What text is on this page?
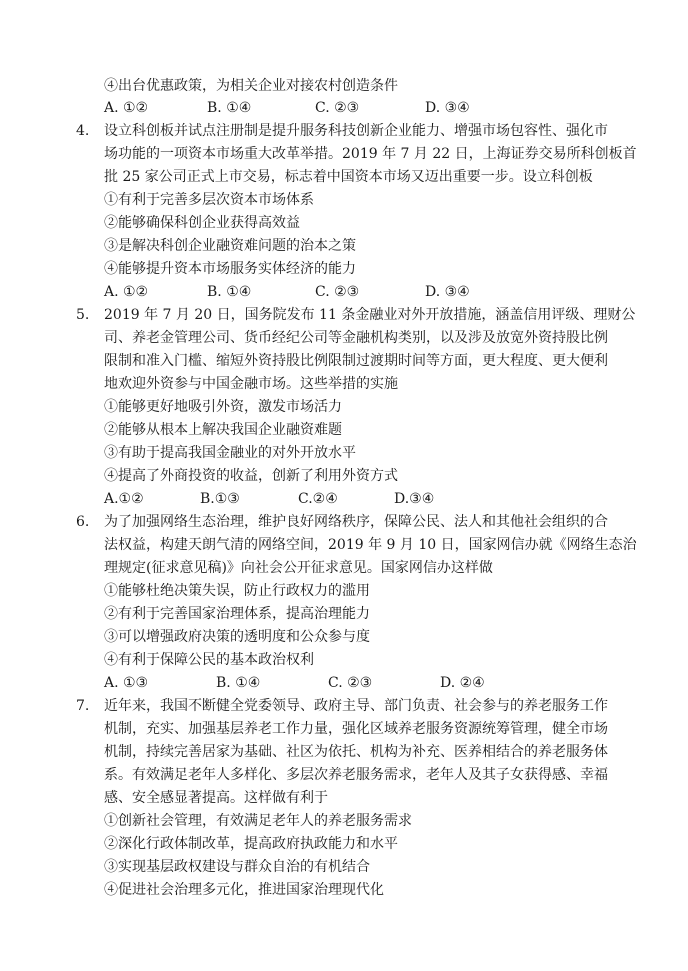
④出台优惠政策，为相关企业对接农村创造条件
A. ①②	B. ①④	C. ②③	D. ③④
4. 设立科创板并试点注册制是提升服务科技创新企业能力、增强市场包容性、强化市
场功能的一项资本市场重大改革举措。2019 年 7 月 22 日，上海证券交易所科创板首
批 25 家公司正式上市交易，标志着中国资本市场又迈出重要一步。设立科创板
①有利于完善多层次资本市场体系
②能够确保科创企业获得高效益
③是解决科创企业融资难问题的治本之策
④能够提升资本市场服务实体经济的能力
A. ①②	B. ①④	C. ②③	D. ③④
5. 2019 年 7 月 20 日，国务院发布 11 条金融业对外开放措施，涵盖信用评级、理财公
司、养老金管理公司、货币经纪公司等金融机构类别，以及涉及放宽外资持股比例
限制和准入门槛、缩短外资持股比例限制过渡期时间等方面，更大程度、更大便利
地欢迎外资参与中国金融市场。这些举措的实施
①能够更好地吸引外资，激发市场活力
②能够从根本上解决我国企业融资难题
③有助于提高我国金融业的对外开放水平
④提高了外商投资的收益，创新了利用外资方式
A.①②	B.①③	C.②④	D.③④
6. 为了加强网络生态治理，维护良好网络秩序，保障公民、法人和其他社会组织的合
法权益，构建天朗气清的网络空间，2019 年 9 月 10 日，国家网信办就《网络生态治
理规定(征求意见稿)》向社会公开征求意见。国家网信办这样做
①能够杜绝决策失误，防止行政权力的滥用
②有利于完善国家治理体系，提高治理能力
③可以增强政府决策的透明度和公众参与度
④有利于保障公民的基本政治权利
A. ①③	B. ①④	C. ②③	D. ②④
7. 近年来，我国不断健全党委领导、政府主导、部门负责、社会参与的养老服务工作
机制，充实、加强基层养老工作力量，强化区域养老服务资源统筹管理，健全市场
机制，持续完善居家为基础、社区为依托、机构为补充、医养相结合的养老服务体
系。有效满足老年人多样化、多层次养老服务需求，老年人及其子女获得感、幸福
感、安全感显著提高。这样做有利于
①创新社会管理，有效满足老年人的养老服务需求
②深化行政体制改革，提高政府执政能力和水平
③实现基层政权建设与群众自治的有机结合
④促进社会治理多元化，推进国家治理现代化
